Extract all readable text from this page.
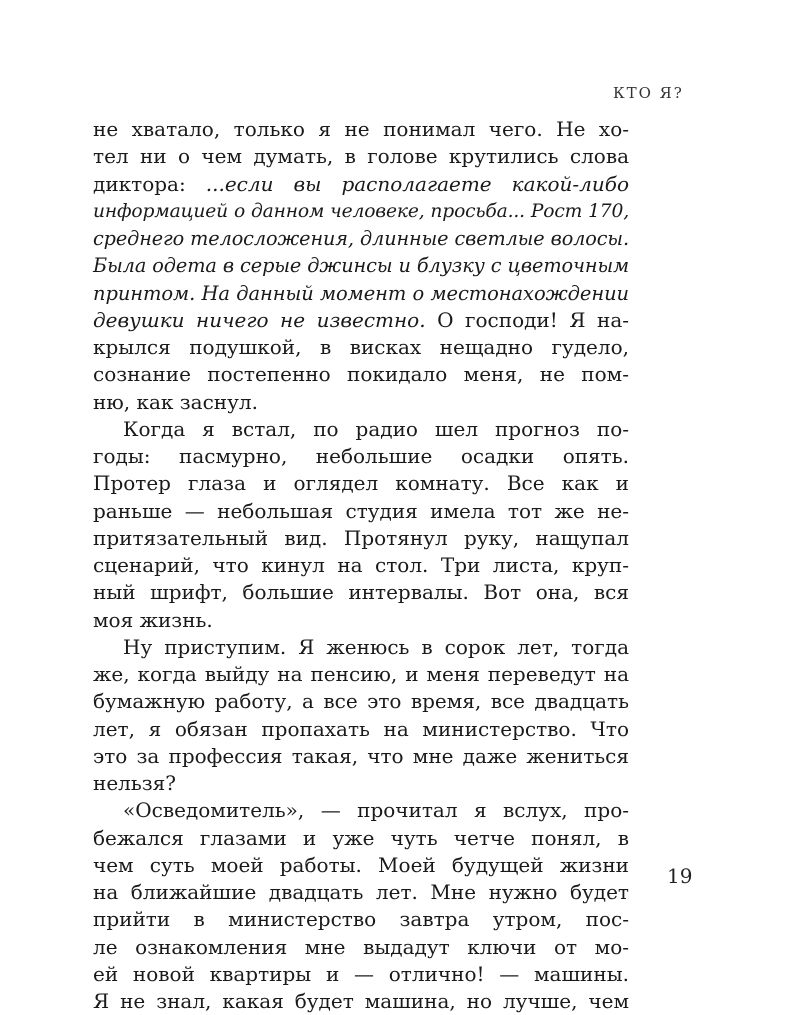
КТО Я?
не хватало, только я не понимал чего. Не хо-
тел ни о чем думать, в голове крутились слова
диктора: ...если вы располагаете какой-либо
информацией о данном человеке, просьба... Рост 170,
среднего телосложения, длинные светлые волосы.
Была одета в серые джинсы и блузку с цветочным
принтом. На данный момент о местонахождении
девушки ничего не известно. О господи! Я на-
крылся подушкой, в висках нещадно гудело,
сознание постепенно покидало меня, не пом-
ню, как заснул.
Когда я встал, по радио шел прогноз по-
годы: пасмурно, небольшие осадки опять.
Протер глаза и оглядел комнату. Все как и
раньше — небольшая студия имела тот же не-
притязательный вид. Протянул руку, нащупал
сценарий, что кинул на стол. Три листа, круп-
ный шрифт, большие интервалы. Вот она, вся
моя жизнь.
Ну приступим. Я женюсь в сорок лет, тогда
же, когда выйду на пенсию, и меня переведут на
бумажную работу, а все это время, все двадцать
лет, я обязан пропахать на министерство. Что
это за профессия такая, что мне даже жениться
нельзя?
«Осведомитель», — прочитал я вслух, про-
бежался глазами и уже чуть четче понял, в
чем суть моей работы. Моей будущей жизни
на ближайшие двадцать лет. Мне нужно будет
прийти в министерство завтра утром, пос-
ле ознакомления мне выдадут ключи от мо-
ей новой квартиры и — отлично! — машины.
Я не знал, какая будет машина, но лучше, чем
19
